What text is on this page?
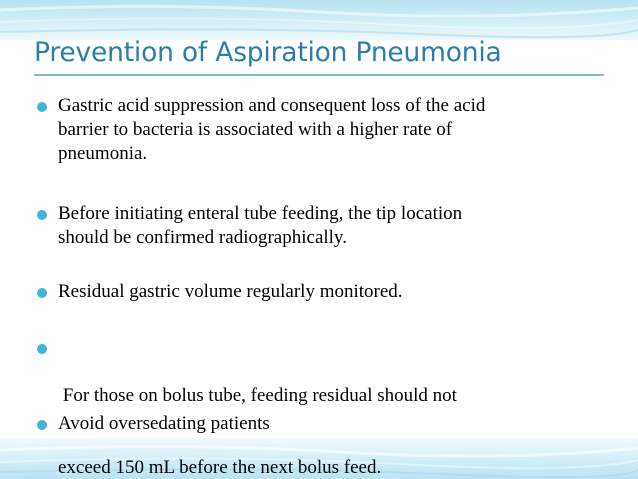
Prevention of Aspiration Pneumonia
Gastric acid suppression and consequent loss of the acid
barrier to bacteria is associated with a higher rate of
pneumonia.
Before initiating enteral tube feeding, the tip location
should be confirmed radiographically.
Residual gastric volume regularly monitored.

For those on bolus tube, feeding residual should not

exceed 150 mL before the next bolus feed.

Avoid oversedating patients
